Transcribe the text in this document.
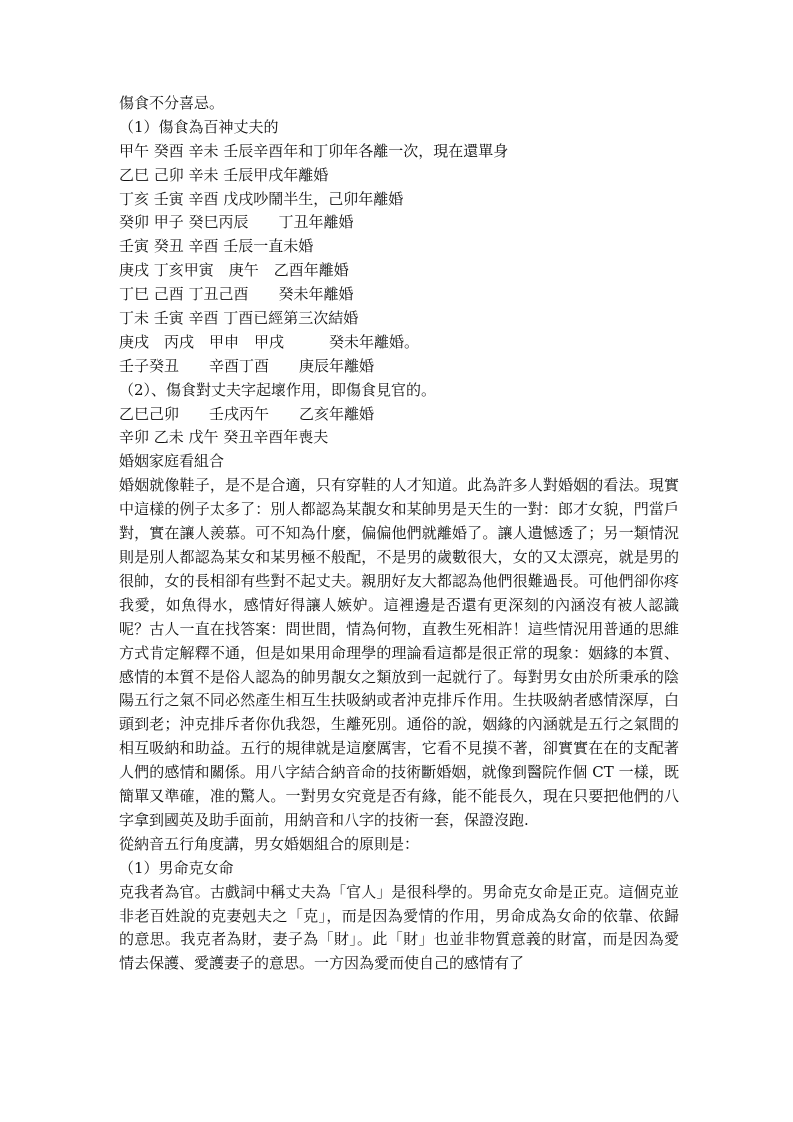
傷食不分喜忌。
（1）傷食為百神丈夫的
甲午 癸酉 辛未 壬辰辛酉年和丁卯年各離一次，現在還單身
乙巳 己卯 辛未 壬辰甲戌年離婚
丁亥 壬寅 辛酉 戊戌吵鬧半生，己卯年離婚
癸卯 甲子 癸巳丙辰　　丁丑年離婚
壬寅 癸丑 辛酉 壬辰一直未婚
庚戌 丁亥甲寅　庚午　乙酉年離婚
丁巳 己酉 丁丑己酉　　癸未年離婚
丁未 壬寅 辛酉 丁酉已經第三次結婚
庚戌　丙戌　甲申　甲戌　　　癸未年離婚。
壬子癸丑　　辛酉丁酉　　庚辰年離婚
（2）、傷食對丈夫字起壞作用，即傷食見官的。
乙巳己卯　　壬戌丙午　　乙亥年離婚
辛卯 乙未 戊午 癸丑辛酉年喪夫
婚姻家庭看組合

婚姻就像鞋子，是不是合適，只有穿鞋的人才知道。此為許多人對婚姻的看法。現實中這樣的例子太多了：別人都認為某靚女和某帥男是天生的一對：郎才女貌，門當戶對，實在讓人羨慕。可不知為什麼，偏偏他們就離婚了。讓人遺憾透了；另一類情況則是別人都認為某女和某男極不般配，不是男的歲數很大，女的又太漂亮，就是男的很帥，女的長相卻有些對不起丈夫。親朋好友大都認為他們很難過長。可他們卻你疼我愛，如魚得水，感情好得讓人嫉妒。這裡邊是否還有更深刻的內涵沒有被人認識呢？古人一直在找答案：問世間，情為何物，直教生死相許！這些情況用普通的思維方式肯定解釋不通，但是如果用命理學的理論看這都是很正常的現象：姻緣的本質、感情的本質不是俗人認為的帥男靚女之類放到一起就行了。每對男女由於所秉承的陰陽五行之氣不同必然產生相互生扶吸納或者沖克排斥作用。生扶吸納者感情深厚，白頭到老；沖克排斥者你仇我怨，生離死別。通俗的說，姻緣的內涵就是五行之氣間的相互吸納和助益。五行的規律就是這麼厲害，它看不見摸不著，卻實實在在的支配著人們的感情和關係。用八字結合納音命的技術斷婚姻，就像到醫院作個 CT 一樣，既簡單又準確，准的驚人。一對男女究竟是否有緣，能不能長久，現在只要把他們的八字拿到國英及助手面前，用納音和八字的技術一套，保證沒跑.

從納音五行角度講，男女婚姻組合的原則是：
（1）男命克女命

克我者為官。古戲詞中稱丈夫為「官人」是很科學的。男命克女命是正克。這個克並非老百姓說的克妻剋夫之「克」，而是因為愛情的作用，男命成為女命的依靠、依歸的意思。我克者為財，妻子為「財」。此「財」也並非物質意義的財富，而是因為愛情去保護、愛護妻子的意思。一方因為愛而使自己的感情有了
